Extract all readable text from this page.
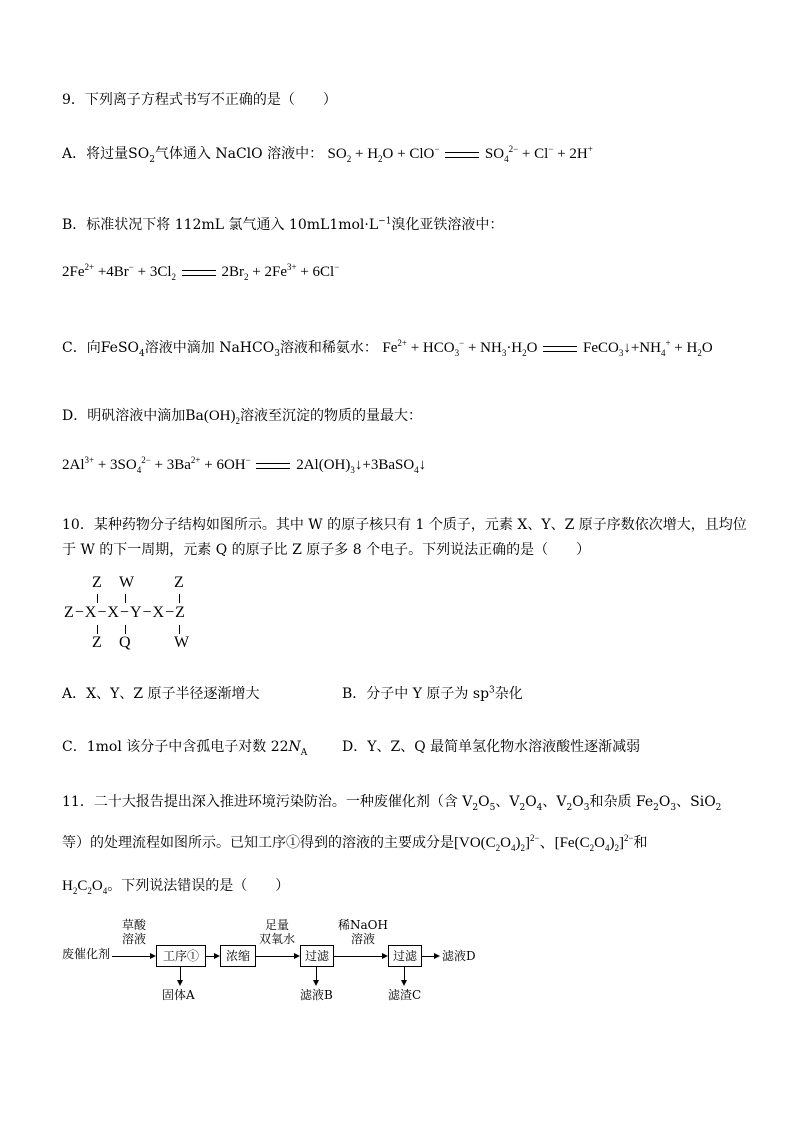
9．下列离子方程式书写不正确的是（　　）
A．将过量$SO_2$气体通入 NaClO 溶液中： $SO_2 + H_2O + ClO^-$	$SO_4^{2-} + Cl^- + 2H^+$
B．标准状况下将 112mL 氯气通入 $10mL1mol\cdot L^{-1}$溴化亚铁溶液中：
$2Fe^{2+} +4Br^- + 3Cl_2$	$2Br_2 + 2Fe^{3+} + 6Cl^-$
C．向FeSO$_4$溶液中滴加 NaHCO$_3$溶液和稀氨水： $Fe^{2+} + HCO_3^- + NH_3\cdot H_2O$	$FeCO_3↓+NH_4^+ + H_2O$
D．明矾溶液中滴加$Ba(OH)_2$溶液至沉淀的物质的量最大：
$2Al^{3+} + 3SO_4^{2-} + 3Ba^{2+} + 6OH^-$	$2Al(OH)_3↓+3BaSO_4↓$
10．某种药物分子结构如图所示。其中 W 的原子核只有 1 个质子，元素 X、Y、Z 原子序数依次增大，且均位
于 W 的下一周期，元素 Q 的原子比 Z 原子多 8 个电子。下列说法正确的是（　　）
Z W Z
Z−X−X−Y−X−Z
Z Q	W
A．X、Y、Z 原子半径逐渐增大	B．分子中 Y 原子为 $sp^3$杂化
C．1mol 该分子中含孤电子对数 $22N_A$ D．Y、Z、Q 最简单氢化物水溶液酸性逐渐减弱
11．二十大报告提出深入推进环境污染防治。一种废催化剂（含 $V_2O_5$、$V_2O_4$、$V_2O_3$和杂质 $Fe_2O_3$、SiO$_2$
等）的处理流程如图所示。已知工序①得到的溶液的主要成分是$[VO(C_2O_4)_2]^{2-}$、$[Fe(C_2O_4)_2]^{2-}$和
$H_2C_2O_4$。下列说法错误的是（　　）
废催化剂
草酸
溶液
工序①
固体A
浓缩
足量
双氧水
过滤
滤液B
稀NaOH
溶液
过滤
滤渣C
滤液D
